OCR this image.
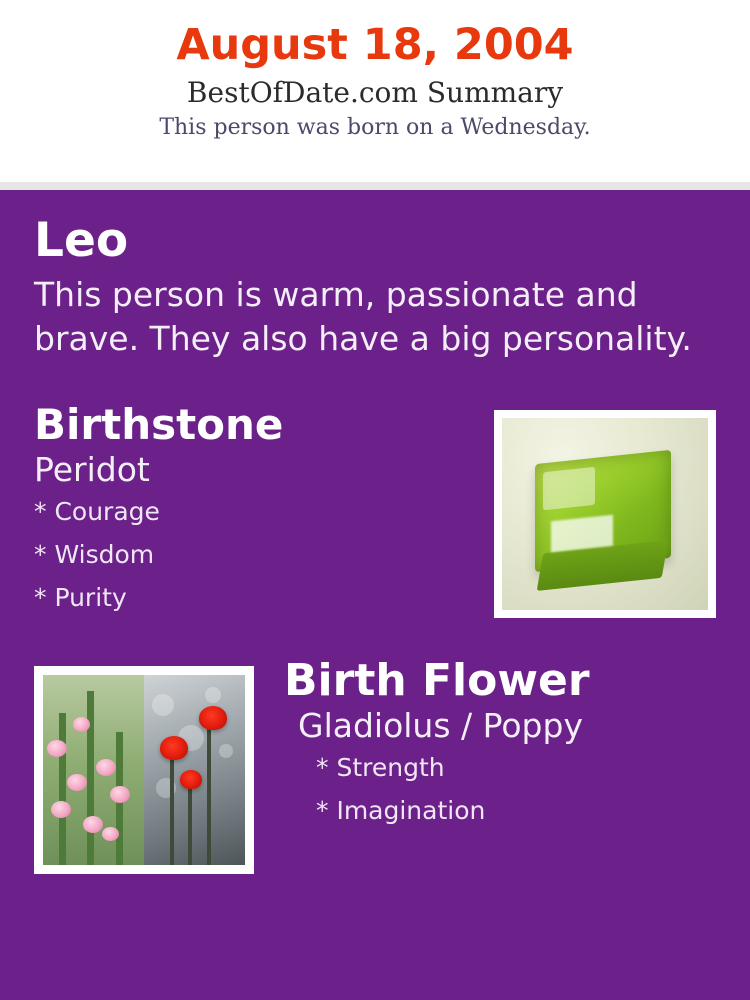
August 18, 2004
BestOfDate.com Summary
This person was born on a Wednesday.
Leo

This person is warm, passionate and brave. They also have a big personality.

Birthstone
Peridot
* Courage
* Wisdom
* Purity
Birth Flower
Gladiolus / Poppy
* Strength
* Imagination
